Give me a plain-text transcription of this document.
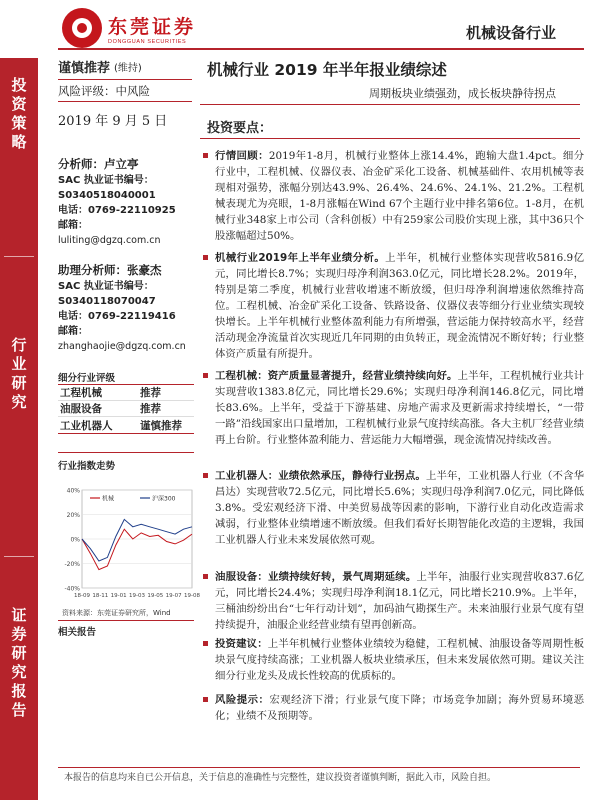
东莞证券
DONGGUAN SECURITIES	机械设备行业
投
资
策
略
行
业
研
究
证
券
研
究
报
告
谨慎推荐 (维持)
风险评级：中风险
2019 年 9 月 5 日
分析师：卢立亭
SAC 执业证书编号：
S0340518040001
电话：0769-22110925
邮箱：
luliting@dgzq.com.cn
助理分析师：张豪杰
SAC 执业证书编号：
S0340118070047
电话：0769-22119416
邮箱：
zhanghaojie@dgzq.com.cn
细分行业评级
工程机械	推荐
油服设备	推荐
工业机器人	谨慎推荐
行业指数走势
40%
20%
0%
-20%
-40%
18-09 18-11 19-01 19-03 19-05 19-07 19-08
机械	沪深300
资料来源：东莞证券研究所，Wind
相关报告
机械行业 2019 年半年报业绩综述
周期板块业绩强劲，成长板块静待拐点
投资要点：

行情回顾：2019年1-8月，机械行业整体上涨14.4%，跑输大盘1.4pct。细分行业中，工程机械、仪器仪表、冶金矿采化工设备、机械基础件、农用机械等表现相对强势，涨幅分别达43.9%、26.4%、24.6%、24.1%、21.2%。工程机械表现尤为亮眼，1-8月涨幅在Wind 67个主题行业中排名第6位。1-8月，在机械行业348家上市公司（含科创板）中有259家公司股价实现上涨，其中36只个股涨幅超过50%。

机械行业2019年上半年业绩分析。上半年，机械行业整体实现营收5816.9亿元，同比增长8.7%；实现归母净利润363.0亿元，同比增长28.2%。2019年，特别是第二季度，机械行业营收增速不断放缓，但归母净利润增速依然维持高位。工程机械、冶金矿采化工设备、铁路设备、仪器仪表等细分行业业绩实现较快增长。上半年机械行业整体盈利能力有所增强，营运能力保持较高水平，经营活动现金净流量首次实现近几年同期的由负转正，现金流情况不断好转；行业整体资产质量有所提升。

工程机械：资产质量显著提升，经营业绩持续向好。上半年，工程机械行业共计实现营收1383.8亿元，同比增长29.6%；实现归母净利润146.8亿元，同比增长83.6%。上半年，受益于下游基建、房地产需求及更新需求持续增长，“一带一路”沿线国家出口量增加，工程机械行业景气度持续高涨。各大主机厂经营业绩再上台阶。行业整体盈利能力、营运能力大幅增强，现金流情况持续改善。

工业机器人：业绩依然承压，静待行业拐点。上半年，工业机器人行业（不含华昌达）实现营收72.5亿元，同比增长5.6%；实现归母净利润7.0亿元，同比降低3.8%。受宏观经济下滑、中美贸易战等因素的影响，下游行业自动化改造需求减弱，行业整体业绩增速不断放缓。但我们看好长期智能化改造的主逻辑，我国工业机器人行业未来发展依然可观。

油服设备：业绩持续好转，景气周期延续。上半年，油服行业实现营收837.6亿元，同比增长24.4%；实现归母净利润18.1亿元，同比增长210.9%。上半年，三桶油纷纷出台“七年行动计划”，加码油气勘探生产。未来油服行业景气度有望持续提升，油服企业经营业绩有望再创新高。

投资建议：上半年机械行业整体业绩较为稳健，工程机械、油服设备等周期性板块景气度持续高涨；工业机器人板块业绩承压，但未来发展依然可期。建议关注细分行业龙头及成长性较高的优质标的。

风险提示：宏观经济下滑；行业景气度下降；市场竞争加剧；海外贸易环境恶化；业绩不及预期等。

本报告的信息均来自已公开信息，关于信息的准确性与完整性，建议投资者谨慎判断，据此入市，风险自担。
